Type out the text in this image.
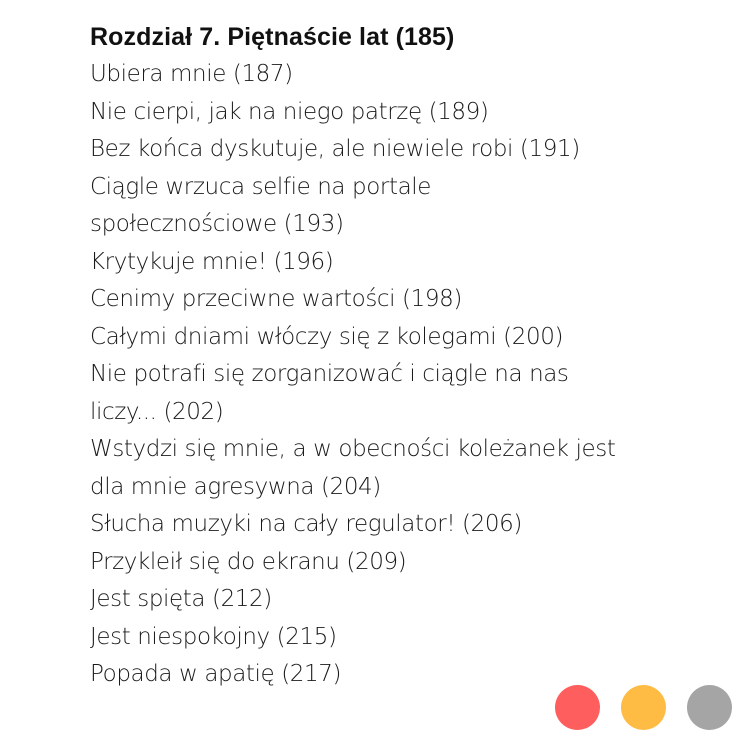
Rozdział 7. Piętnaście lat (185)
Ubiera mnie (187)
Nie cierpi, jak na niego patrzę (189)
Bez końca dyskutuje, ale niewiele robi (191)
Ciągle wrzuca selfie na portale
społecznościowe (193)
Krytykuje mnie! (196)
Cenimy przeciwne wartości (198)
Całymi dniami włóczy się z kolegami (200)
Nie potrafi się zorganizować i ciągle na nas
liczy... (202)
Wstydzi się mnie, a w obecności koleżanek jest
dla mnie agresywna (204)
Słucha muzyki na cały regulator! (206)
Przykleił się do ekranu (209)
Jest spięta (212)
Jest niespokojny (215)
Popada w apatię (217)
